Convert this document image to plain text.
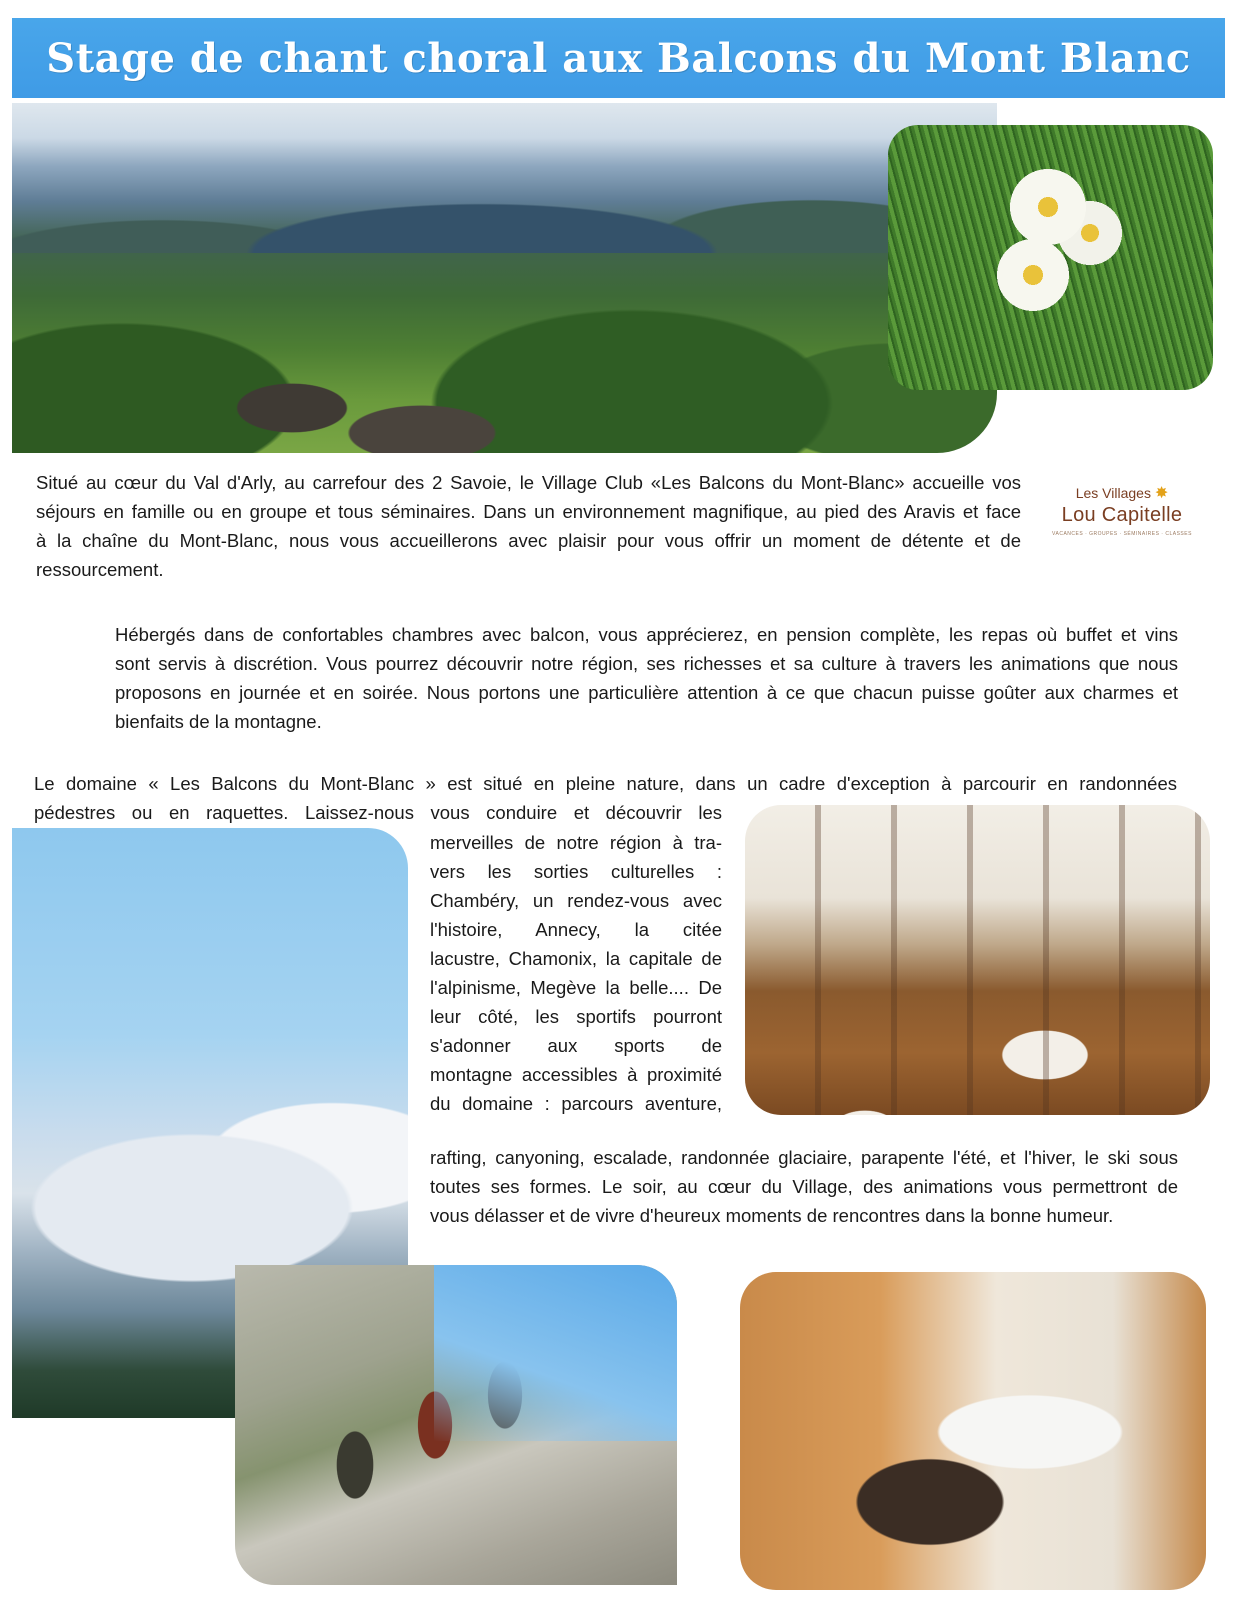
Stage de chant choral aux Balcons du Mont Blanc
Situé au cœur du Val d'Arly, au carrefour des 2 Savoie, le Village Club «Les Balcons du Mont-Blanc» accueille vos
séjours en famille ou en groupe et tous séminaires. Dans un environnement magnifique, au pied des Aravis et face
à la chaîne du Mont-Blanc, nous vous accueillerons avec plaisir pour vous offrir un moment de détente et de
ressourcement.
Les Villages ✸
Lou Capitelle
VACANCES · GROUPES · SÉMINAIRES · CLASSES
Hébergés dans de confortables chambres avec balcon, vous apprécierez, en pension complète, les repas où buffet et vins
sont servis à discrétion. Vous pourrez découvrir notre région, ses richesses et sa culture à travers les animations que nous
proposons en journée et en soirée. Nous portons une particulière attention à ce que chacun puisse goûter aux charmes et
bienfaits de la montagne.
Le domaine « Les Balcons du Mont-Blanc » est situé en pleine nature, dans un cadre d'exception à parcourir en randonnées
pédestres ou en raquettes. Laissez-nous vous conduire et découvrir les
merveilles de notre région à tra-
vers les sorties culturelles :
Chambéry, un rendez-vous avec
l'histoire, Annecy, la citée
lacustre, Chamonix, la capitale de
l'alpinisme, Megève la belle.... De
leur côté, les sportifs pourront
s'adonner aux sports de
montagne accessibles à proximité
du domaine : parcours aventure,
rafting, canyoning, escalade, randonnée glaciaire, parapente l'été, et l'hiver, le ski sous
toutes ses formes. Le soir, au cœur du Village, des animations vous permettront de
vous délasser et de vivre d'heureux moments de rencontres dans la bonne humeur.
